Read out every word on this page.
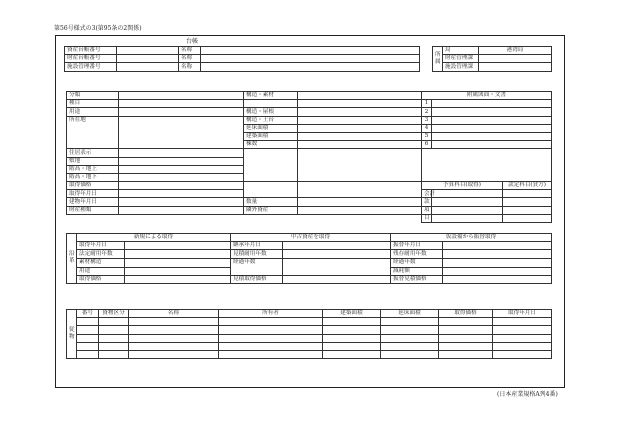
第56号様式の3(第95条の2関係)
台帳
資産台帳番号		名称	
財産台帳番号		名称	
施設管理番号		名称	
所属	局	港湾局
	財産管理課	
	施設管理課	
分類		構造・素材		附属図面・文書		
種目				1		
用途		構造・屋根		2		
所在地		構造・土台		3		
		延床面積		4		
		建築面積		5		
		棟数		6		
住居表示						
敷地						
階高・地上						
階高・地下						
取得価格				予算科目(取得)		款定科目(貸方)
取得年月日				会計		
建物年月日		数量		款		
財産種類		隣外資産		項		
				目		
沿革	新規による取得		中古資産を取得		仮設備から振替取得	
	取得年月日		継承年月日		振替年月日	
	法定耐用年数		見積耐用年数		残存耐用年数	
	素材構造		経過年数		経過年数	

	用途				減耗額	
	取得価格		見積取得価格		振替見積価格	
従物	番号	資物区分	名称	所有者	建築面積	延床面積	取得価格	取得年月日

(日本産業規格A列4番)
